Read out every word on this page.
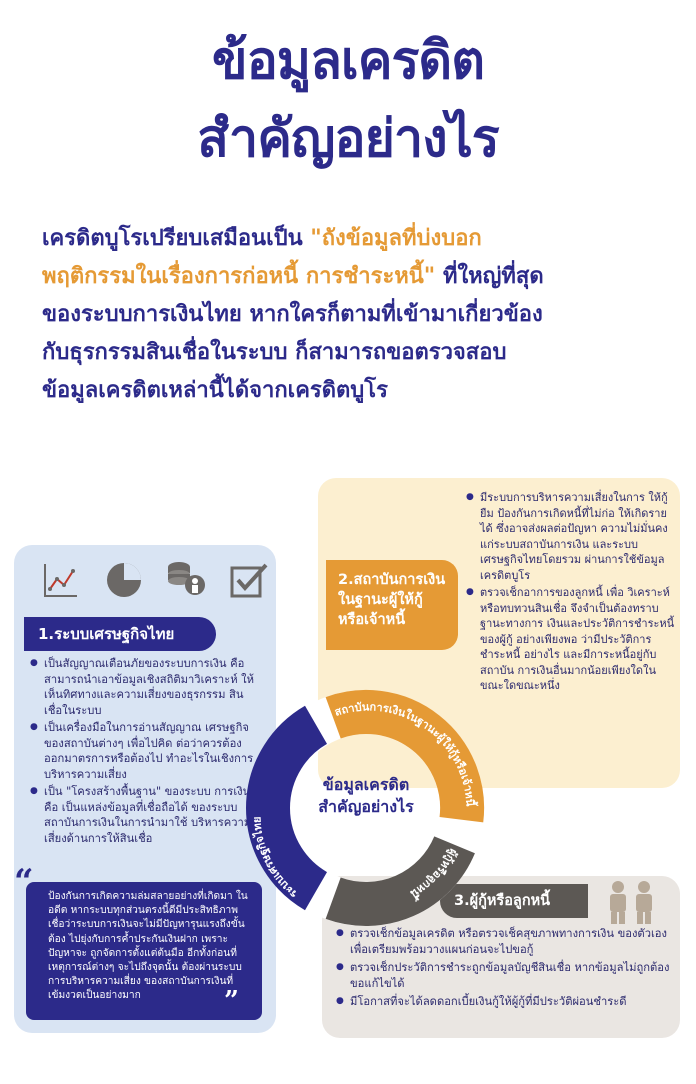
ข้อมูลเครดิต
สำคัญอย่างไร
เครดิตบูโรเปรียบเสมือนเป็น "ถังข้อมูลที่บ่งบอก
พฤติกรรมในเรื่องการก่อหนี้ การชำระหนี้" ที่ใหญ่ที่สุด
ของระบบการเงินไทย หากใครก็ตามที่เข้ามาเกี่ยวข้อง
กับธุรกรรมสินเชื่อในระบบ ก็สามารถขอตรวจสอบ
ข้อมูลเครดิตเหล่านี้ได้จากเครดิตบูโร
1.ระบบเศรษฐกิจไทย
● เป็นสัญญาณเตือนภัยของระบบการเงิน คือ สามารถนำเอาข้อมูลเชิงสถิติมาวิเคราะห์ ให้เห็นทิศทางและความเสี่ยงของธุรกรรม สินเชื่อในระบบ
● เป็นเครื่องมือในการอ่านสัญญาณ เศรษฐกิจของสถาบันต่างๆ เพื่อไปคิด ต่อว่าควรต้องออกมาตรการหรือต้องไป ทำอะไรในเชิงการบริหารความเสี่ยง
● เป็น "โครงสร้างพื้นฐาน" ของระบบ การเงิน คือ เป็นแหล่งข้อมูลที่เชื่อถือได้ ของระบบสถาบันการเงินในการนำมาใช้ บริหารความเสี่ยงด้านการให้สินเชื่อ
ป้องกันการเกิดความล่มสลายอย่างที่เกิดมา ในอดีต หากระบบทุกส่วนตรงนี้ดีมีประสิทธิภาพ เชื่อว่าระบบการเงินจะไม่มีปัญหารุนแรงถึงขั้นต้อง ไปยุ่งกับการค้ำประกันเงินฝาก เพราะปัญหาจะ ถูกจัดการตั้งแต่ต้นมือ อีกทั้งก่อนที่เหตุการณ์ต่างๆ จะไปถึงจุดนั้น ต้องผ่านระบบการบริหารความเสี่ยง ของสถาบันการเงินที่เข้มงวดเป็นอย่างมาก
“
”
2.สถาบันการเงิน ในฐานะผู้ให้กู้ หรือเจ้าหนี้
● มีระบบการบริหารความเสี่ยงในการ ให้กู้ยืม ป้องกันการเกิดหนี้ที่ไม่ก่อ ให้เกิดรายได้ ซึ่งอาจส่งผลต่อปัญหา ความไม่มั่นคงแก่ระบบสถาบันการเงิน และระบบเศรษฐกิจไทยโดยรวม ผ่านการใช้ข้อมูลเครดิตบูโร
● ตรวจเช็กอาการของลูกหนี้ เพื่อ วิเคราะห์หรือทบทวนสินเชื่อ จึงจำเป็นต้องทราบฐานะทางการ เงินและประวัติการชำระหนี้ของผู้กู้ อย่างเพียงพอ ว่ามีประวัติการชำระหนี้ อย่างไร และมีการะหนี้อยู่กับสถาบัน การเงินอื่นมากน้อยเพียงใดใน ขณะใดขณะหนึ่ง
3.ผู้กู้หรือลูกหนี้
● ตรวจเช็กข้อมูลเครดิต หรือตรวจเช็คสุขภาพทางการเงิน ของตัวเอง เพื่อเตรียมพร้อมวางแผนก่อนจะไปขอกู้
● ตรวจเช็กประวัติการชำระถูกข้อมูลบัญชีสินเชื่อ หากข้อมูลไม่ถูกต้อง ขอแก้ไขได้
● มีโอกาสที่จะได้ลดดอกเบี้ยเงินกู้ให้ผู้กู้ที่มีประวัติผ่อนชำระดี
ระบบเศรษฐกิจไทย
สถาบันการเงินในฐานะผู้ให้กู้หรือเจ้าหนี้
ผู้กู้หรือลูกหนี้
ข้อมูลเครดิต
สำคัญอย่างไร
